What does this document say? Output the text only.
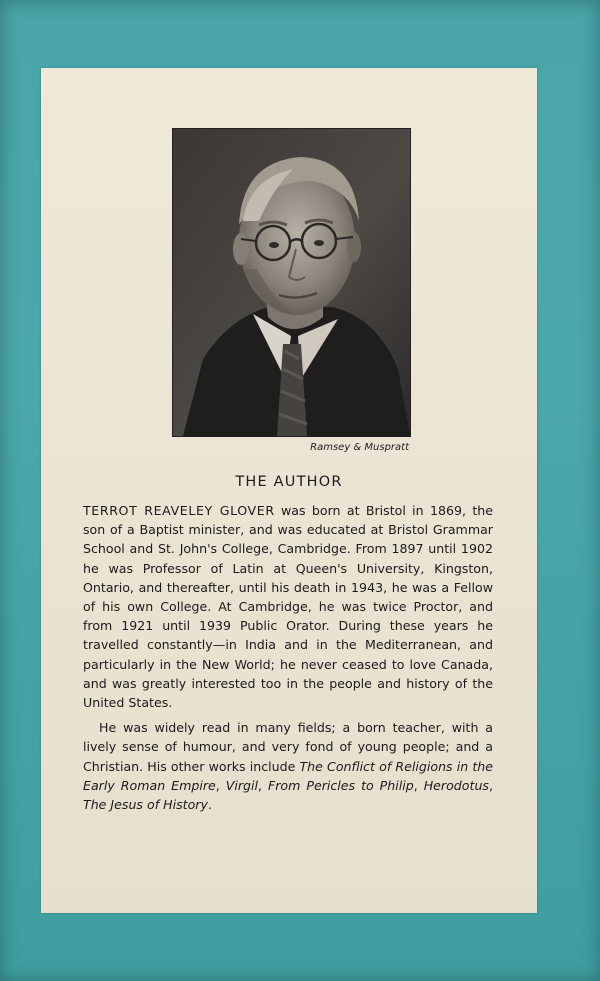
Ramsey & Muspratt
THE AUTHOR

TERROT REAVELEY GLOVER was born at Bristol in 1869, the son of a Baptist minister, and was educated at Bristol Grammar School and St. John's College, Cambridge. From 1897 until 1902 he was Professor of Latin at Queen's University, Kingston, Ontario, and thereafter, until his death in 1943, he was a Fellow of his own College. At Cambridge, he was twice Proctor, and from 1921 until 1939 Public Orator. During these years he travelled constantly—in India and in the Mediterranean, and particularly in the New World; he never ceased to love Canada, and was greatly interested too in the people and history of the United States.

He was widely read in many fields; a born teacher, with a lively sense of humour, and very fond of young people; and a Christian. His other works include The Conflict of Religions in the Early Roman Empire, Virgil, From Pericles to Philip, Herodotus, The Jesus of History.
